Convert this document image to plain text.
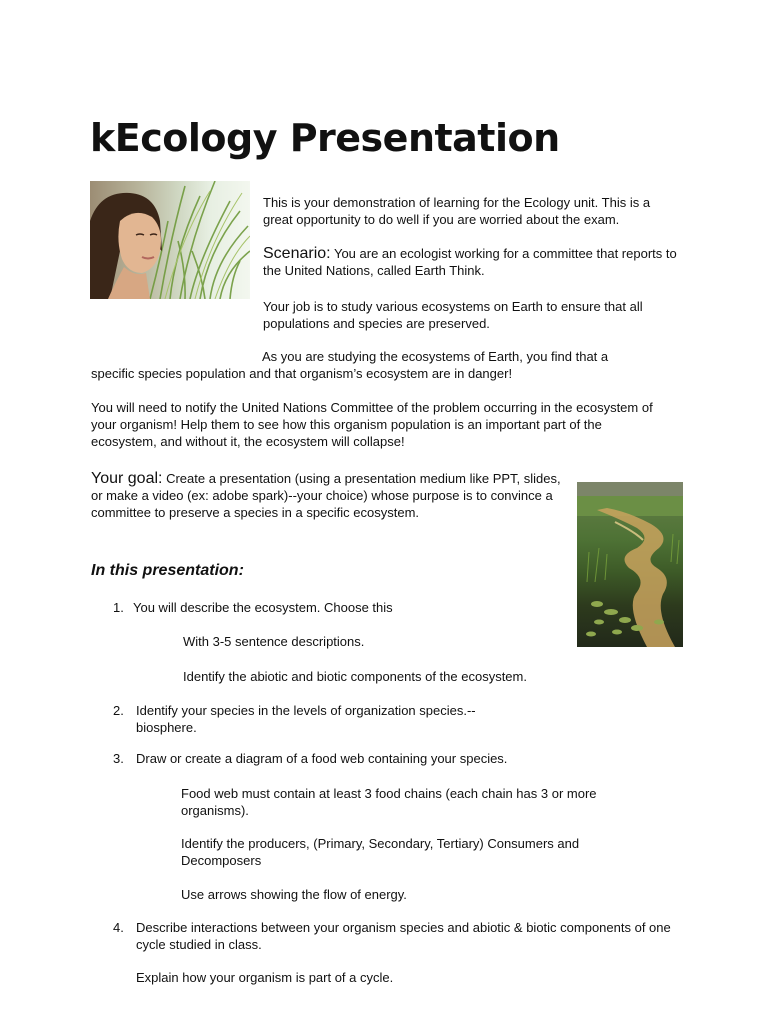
kEcology Presentation
This is your demonstration of learning for the Ecology unit. This is a great opportunity to do well if you are worried about the exam.
Scenario: You are an ecologist working for a committee that reports to the United Nations, called Earth Think.
Your job is to study various ecosystems on Earth to ensure that all populations and species are preserved.
As you are studying the ecosystems of Earth, you find that a
specific species population and that organism’s ecosystem are in danger!
You will need to notify the United Nations Committee of the problem occurring in the ecosystem of your organism! Help them to see how this organism population is an important part of the ecosystem, and without it, the ecosystem will collapse!
Your goal: Create a presentation (using a presentation medium like PPT, slides, or make a video (ex: adobe spark)--your choice) whose purpose is to convince a committee to preserve a species in a specific ecosystem.
In this presentation:
1. You will describe the ecosystem. Choose this
With 3-5 sentence descriptions.
Identify the abiotic and biotic components of the ecosystem.
2. Identify your species in the levels of organization species.-- biosphere.
3. Draw or create a diagram of a food web containing your species.
Food web must contain at least 3 food chains (each chain has 3 or more organisms).
Identify the producers, (Primary, Secondary, Tertiary) Consumers and Decomposers
Use arrows showing the flow of energy.
4. Describe interactions between your organism species and abiotic & biotic components of one cycle studied in class.
Explain how your organism is part of a cycle.
